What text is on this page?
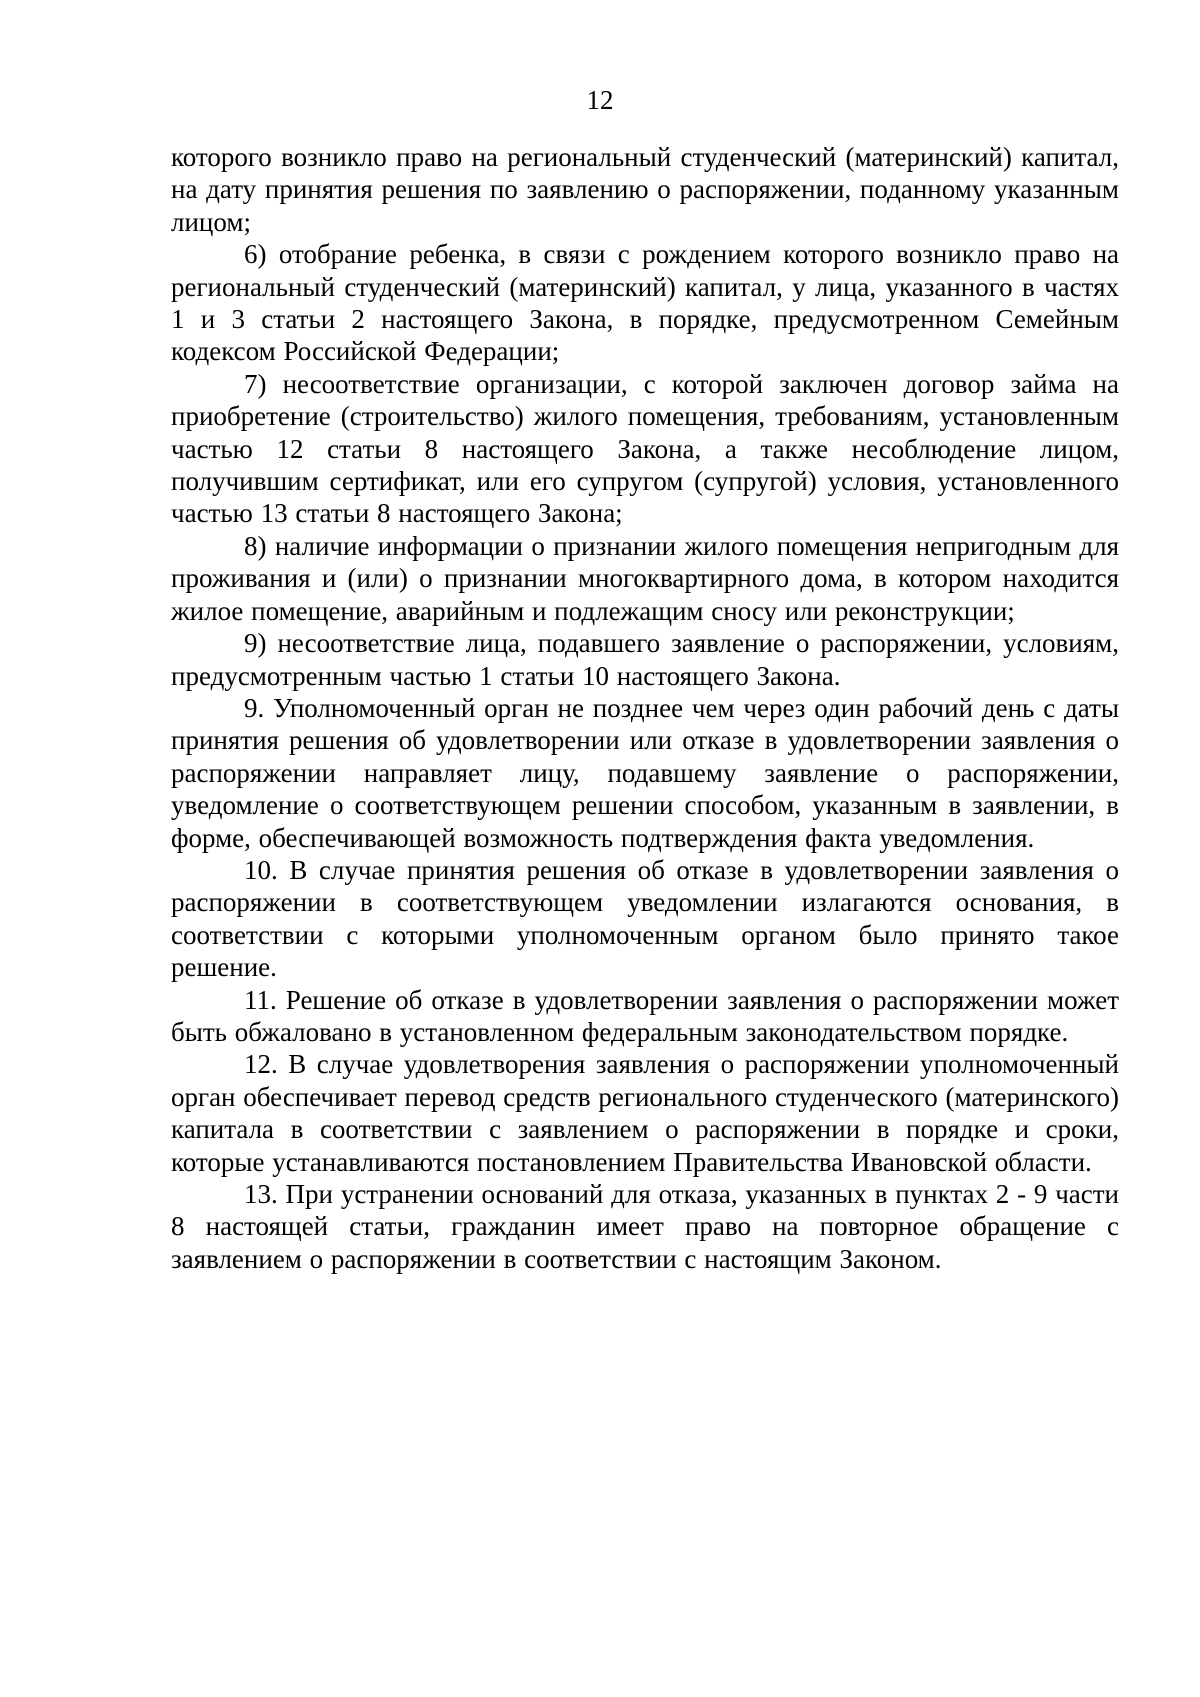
12

которого возникло право на региональный студенческий (материнский) капитал, на дату принятия решения по заявлению о распоряжении, поданному указанным лицом;

6) отобрание ребенка, в связи с рождением которого возникло право на региональный студенческий (материнский) капитал, у лица, указанного в частях 1 и 3 статьи 2 настоящего Закона, в порядке, предусмотренном Семейным кодексом Российской Федерации;

7) несоответствие организации, с которой заключен договор займа на приобретение (строительство) жилого помещения, требованиям, установленным частью 12 статьи 8 настоящего Закона, а также несоблюдение лицом, получившим сертификат, или его супругом (супругой) условия, установленного частью 13 статьи 8 настоящего Закона;

8) наличие информации о признании жилого помещения непригодным для проживания и (или) о признании многоквартирного дома, в котором находится жилое помещение, аварийным и подлежащим сносу или реконструкции;

9) несоответствие лица, подавшего заявление о распоряжении, условиям, предусмотренным частью 1 статьи 10 настоящего Закона.

9. Уполномоченный орган не позднее чем через один рабочий день с даты принятия решения об удовлетворении или отказе в удовлетворении заявления о распоряжении направляет лицу, подавшему заявление о распоряжении, уведомление о соответствующем решении способом, указанным в заявлении, в форме, обеспечивающей возможность подтверждения факта уведомления.

10. В случае принятия решения об отказе в удовлетворении заявления о распоряжении в соответствующем уведомлении излагаются основания, в соответствии с которыми уполномоченным органом было принято такое решение.

11. Решение об отказе в удовлетворении заявления о распоряжении может быть обжаловано в установленном федеральным законодательством порядке.

12. В случае удовлетворения заявления о распоряжении уполномоченный орган обеспечивает перевод средств регионального студенческого (материнского) капитала в соответствии с заявлением о распоряжении в порядке и сроки, которые устанавливаются постановлением Правительства Ивановской области.

13. При устранении оснований для отказа, указанных в пунктах 2 - 9 части 8 настоящей статьи, гражданин имеет право на повторное обращение с заявлением о распоряжении в соответствии с настоящим Законом.
